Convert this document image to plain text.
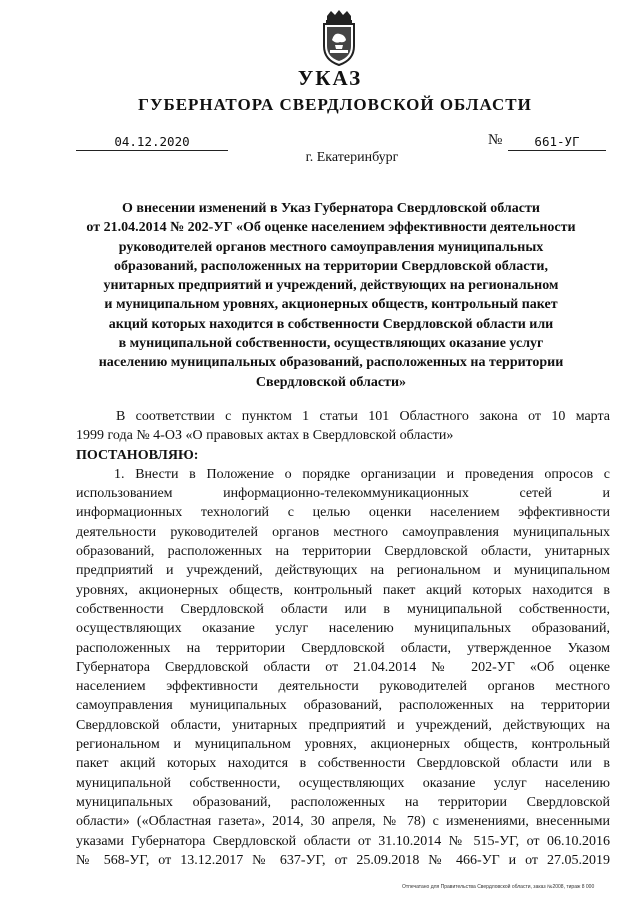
УКАЗ
ГУБЕРНАТОРА СВЕРДЛОВСКОЙ ОБЛАСТИ
04.12.2020	№	661-УГ
г. Екатеринбург
О внесении изменений в Указ Губернатора Свердловской области
от 21.04.2014 № 202-УГ «Об оценке населением эффективности деятельности
руководителей органов местного самоуправления муниципальных
образований, расположенных на территории Свердловской области,
унитарных предприятий и учреждений, действующих на региональном
и муниципальном уровнях, акционерных обществ, контрольный пакет
акций которых находится в собственности Свердловской области или
в муниципальной собственности, осуществляющих оказание услуг
населению муниципальных образований, расположенных на территории
Свердловской области»
В соответствии с пунктом 1 статьи 101 Областного закона от 10 марта
1999 года № 4-ОЗ «О правовых актах в Свердловской области»
ПОСТАНОВЛЯЮ:
1. Внести в Положение о порядке организации и проведения опросов с
использованием информационно-телекоммуникационных сетей и
информационных технологий с целью оценки населением эффективности
деятельности руководителей органов местного самоуправления муниципальных
образований, расположенных на территории Свердловской области, унитарных
предприятий и учреждений, действующих на региональном и муниципальном
уровнях, акционерных обществ, контрольный пакет акций которых находится в
собственности Свердловской области или в муниципальной собственности,
осуществляющих оказание услуг населению муниципальных образований,
расположенных на территории Свердловской области, утвержденное Указом
Губернатора Свердловской области от 21.04.2014 № 202-УГ «Об оценке
населением эффективности деятельности руководителей органов местного
самоуправления муниципальных образований, расположенных на территории
Свердловской области, унитарных предприятий и учреждений, действующих на
региональном и муниципальном уровнях, акционерных обществ, контрольный
пакет акций которых находится в собственности Свердловской области или в
муниципальной собственности, осуществляющих оказание услуг населению
муниципальных образований, расположенных на территории Свердловской
области» («Областная газета», 2014, 30 апреля, № 78) с изменениями, внесенными
указами Губернатора Свердловской области от 31.10.2014 № 515-УГ, от 06.10.2016
№ 568-УГ, от 13.12.2017 № 637-УГ, от 25.09.2018 № 466-УГ и от 27.05.2019
Отпечатано для Правительства Свердловской области, заказ №2008, тираж 8 000
